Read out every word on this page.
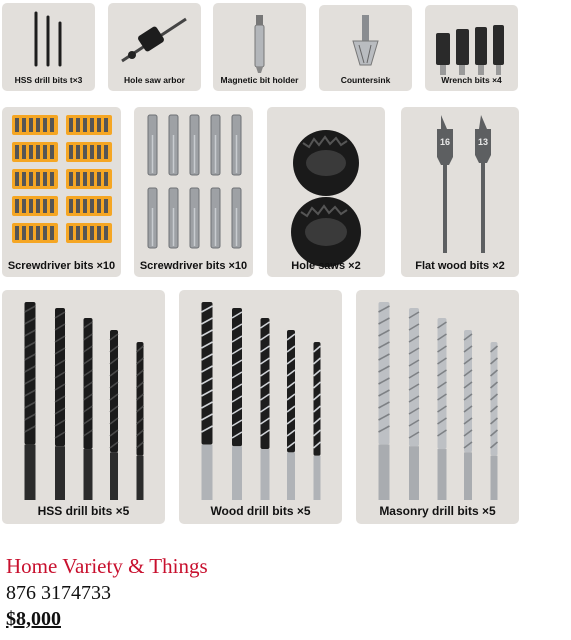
HSS drill bits t×3	Hole saw arbor	Magnetic bit holder	Countersink	Wrench bits ×4
Screwdriver bits ×10	Screwdriver bits ×10	Hole saws ×2
16	13
Flat wood bits ×2
HSS drill bits ×5	Wood drill bits ×5	Masonry drill bits ×5
Home Variety & Things
876 3174733
$8,000
